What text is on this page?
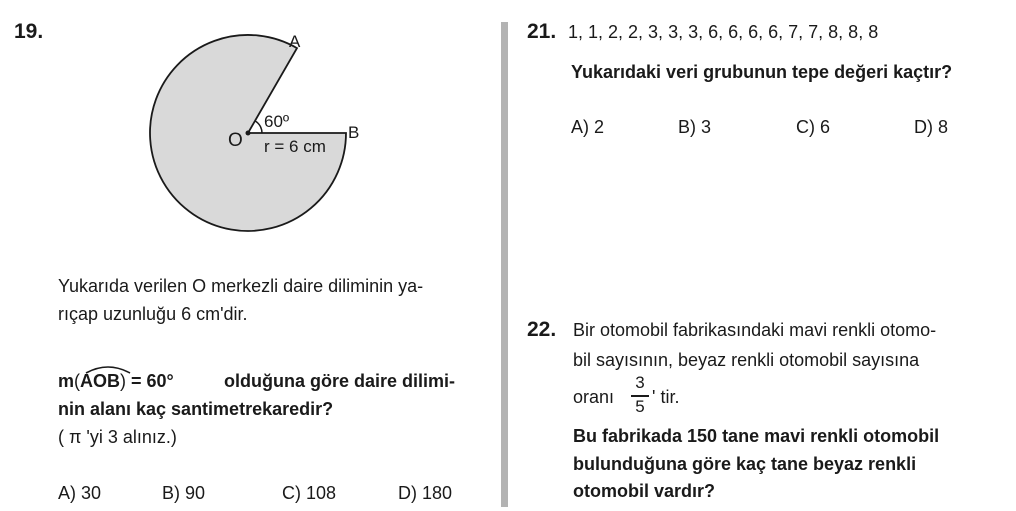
19.	A
B
O
60º
r = 6 cm
Yukarıda verilen O merkezli daire diliminin ya-
rıçap uzunluğu 6 cm'dir.
m(AOB) = 60°	olduğuna göre daire dilimi-
nin alanı kaç santimetrekaredir?
( π 'yi 3 alınız.)
A) 30	B) 90	C) 108	D) 180
21. 1, 1, 2, 2, 3, 3, 3, 6, 6, 6, 6, 7, 7, 8, 8, 8
Yukarıdaki veri grubunun tepe değeri kaçtır?
A) 2	B) 3	C) 6	D) 8
22. Bir otomobil fabrikasındaki mavi renkli otomo-
bil sayısının, beyaz renkli otomobil sayısına
oranı
3
5 ' tir.
Bu fabrikada 150 tane mavi renkli otomobil
bulunduğuna göre kaç tane beyaz renkli
otomobil vardır?
